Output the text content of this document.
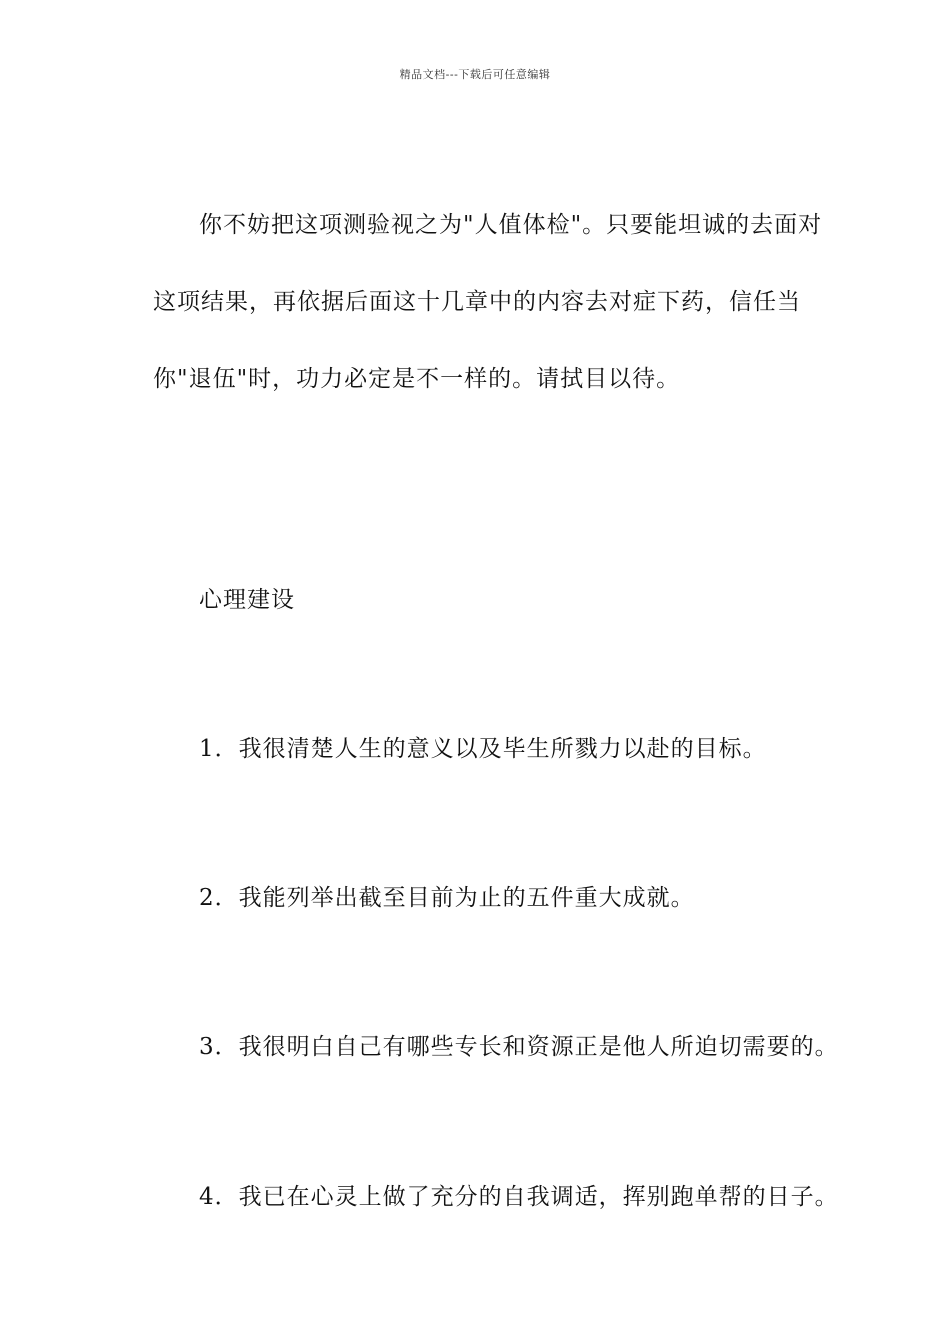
精品文档---下载后可任意编辑
你不妨把这项测验视之为"人值体检"。只要能坦诚的去面对
这项结果，再依据后面这十几章中的内容去对症下药，信任当
你"退伍"时，功力必定是不一样的。请拭目以待。
心理建设
1．我很清楚人生的意义以及毕生所戮力以赴的目标。
2．我能列举出截至目前为止的五件重大成就。
3．我很明白自己有哪些专长和资源正是他人所迫切需要的。
4．我已在心灵上做了充分的自我调适，挥别跑单帮的日子。
